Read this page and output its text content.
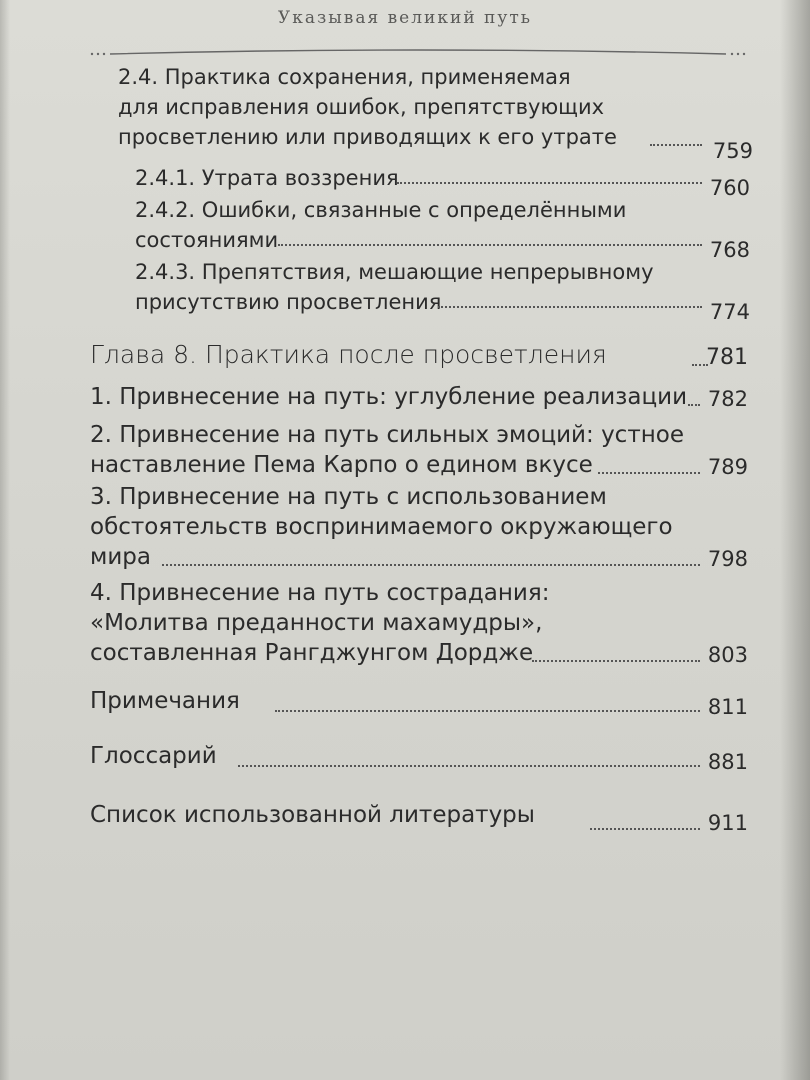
Указывая великий путь
2.4. Практика сохранения, применяемая
для исправления ошибок, препятствующих
просветлению или приводящих к его утрате
759
2.4.1. Утрата воззрения	760
2.4.2. Ошибки, связанные с определёнными
состояниями	768
2.4.3. Препятствия, мешающие непрерывному
присутствию просветления	774
Глава 8. Практика после просветления	781
1. Привнесение на путь: углубление реализации 782
2. Привнесение на путь сильных эмоций: устное
наставление Пема Карпо о едином вкусе	789
3. Привнесение на путь с использованием
обстоятельств воспринимаемого окружающего
мира	798
4. Привнесение на путь сострадания:
«Молитва преданности махамудры»,
составленная Рангджунгом Дордже	803
Примечания	811
Глоссарий	881
Список использованной литературы	911
